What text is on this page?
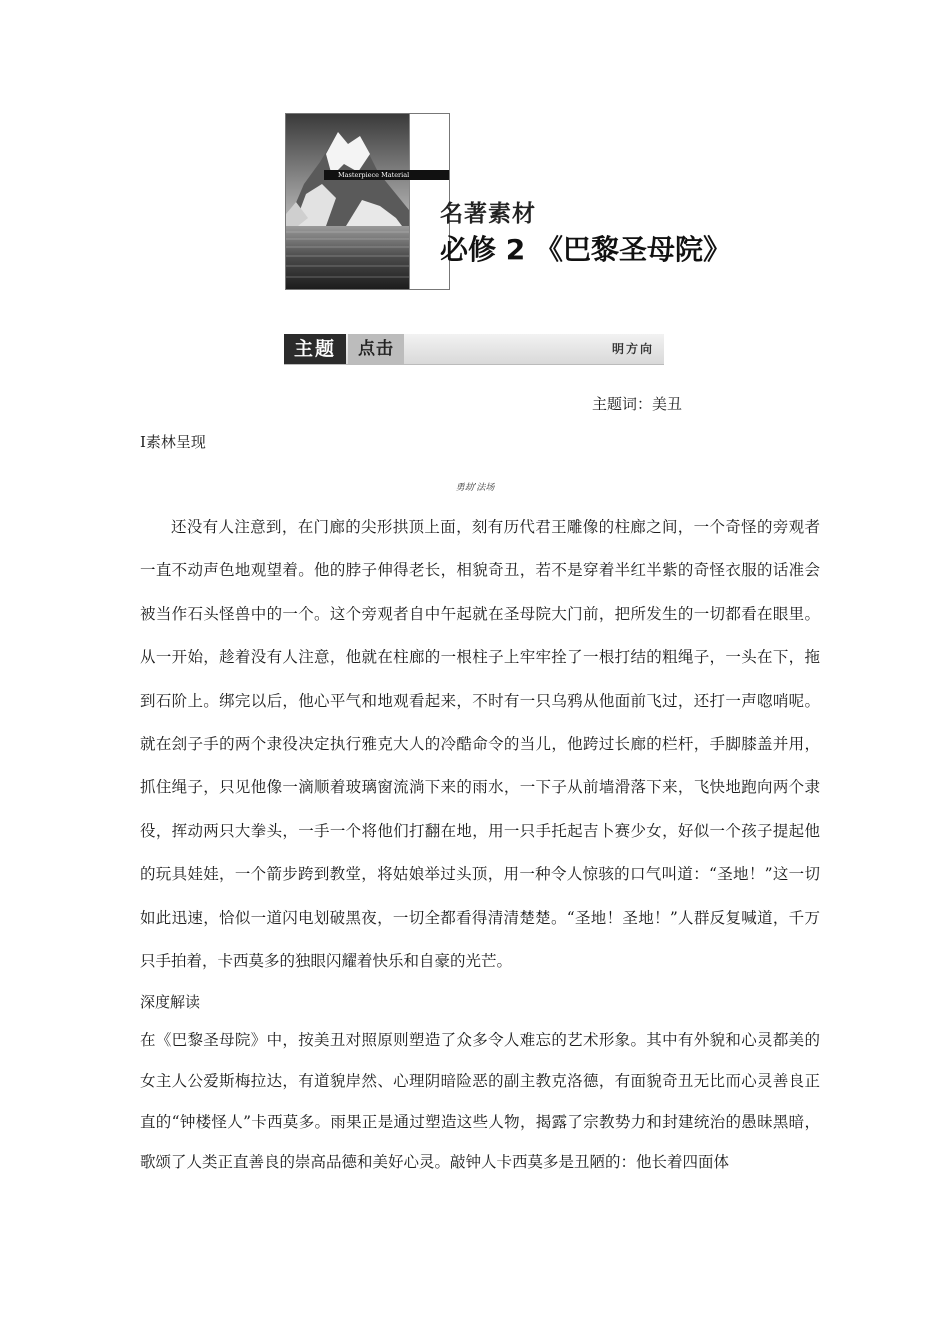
Masterpiece Material
名著素材
必修 2 《巴黎圣母院》
主题	点击	明方向
主题词：美丑
Ⅰ素林呈现
勇劫’法场

还没有人注意到，在门廊的尖形拱顶上面，刻有历代君王雕像的柱廊之间，一个奇怪的旁观者一直不动声色地观望着。他的脖子伸得老长，相貌奇丑，若不是穿着半红半紫的奇怪衣服的话准会被当作石头怪兽中的一个。这个旁观者自中午起就在圣母院大门前，把所发生的一切都看在眼里。从一开始，趁着没有人注意，他就在柱廊的一根柱子上牢牢拴了一根打结的粗绳子，一头在下，拖到石阶上。绑完以后，他心平气和地观看起来，不时有一只乌鸦从他面前飞过，还打一声唿哨呢。就在刽子手的两个隶役决定执行雅克大人的冷酷命令的当儿，他跨过长廊的栏杆，手脚膝盖并用，抓住绳子，只见他像一滴顺着玻璃窗流淌下来的雨水，一下子从前墙滑落下来，飞快地跑向两个隶役，挥动两只大拳头，一手一个将他们打翻在地，用一只手托起吉卜赛少女，好似一个孩子提起他的玩具娃娃，一个箭步跨到教堂，将姑娘举过头顶，用一种令人惊骇的口气叫道：“圣地！”这一切如此迅速，恰似一道闪电划破黑夜，一切全都看得清清楚楚。“圣地！圣地！”人群反复喊道，千万只手拍着，卡西莫多的独眼闪耀着快乐和自豪的光芒。

深度解读

在《巴黎圣母院》中，按美丑对照原则塑造了众多令人难忘的艺术形象。其中有外貌和心灵都美的女主人公爱斯梅拉达，有道貌岸然、心理阴暗险恶的副主教克洛德，有面貌奇丑无比而心灵善良正直的“钟楼怪人”卡西莫多。雨果正是通过塑造这些人物，揭露了宗教势力和封建统治的愚昧黑暗，歌颂了人类正直善良的崇高品德和美好心灵。敲钟人卡西莫多是丑陋的：他长着四面体
